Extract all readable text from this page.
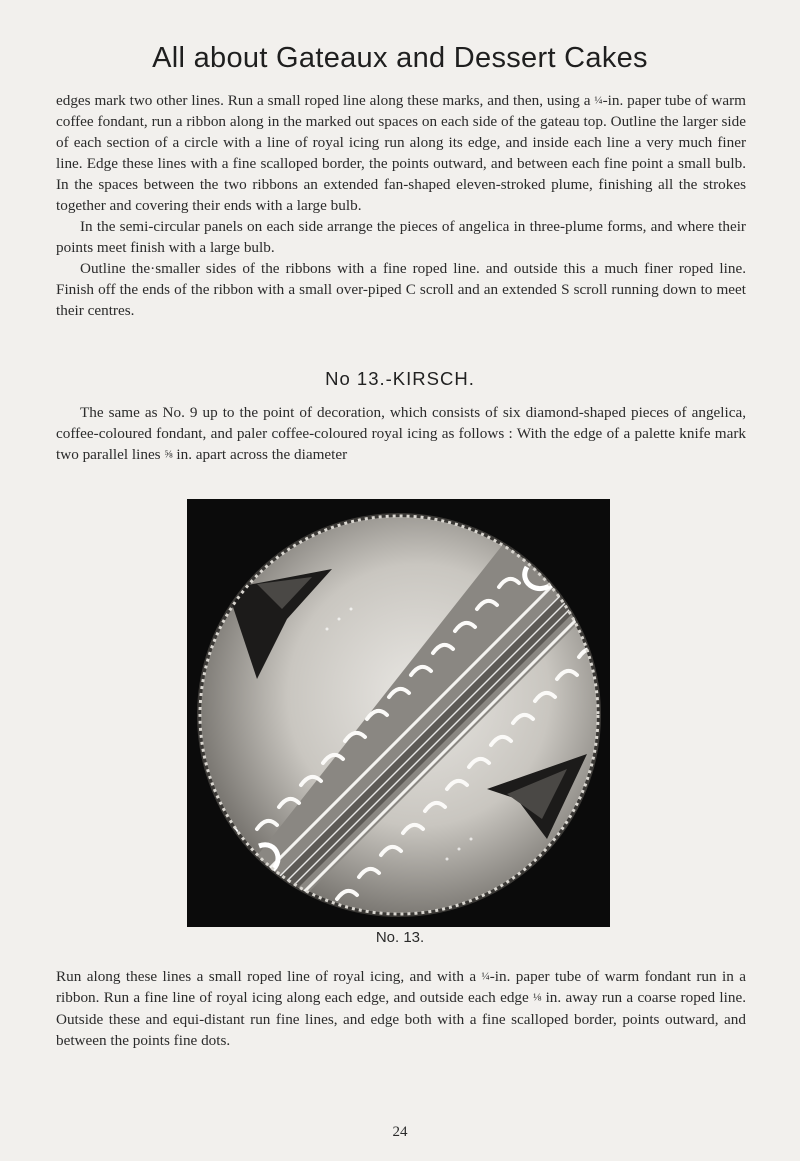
All about Gateaux and Dessert Cakes

edges mark two other lines. Run a small roped line along these marks, and then, using a ¼-in. paper tube of warm coffee fondant, run a ribbon along in the marked out spaces on each side of the gateau top. Outline the larger side of each section of a circle with a line of royal icing run along its edge, and inside each line a very much finer line. Edge these lines with a fine scalloped border, the points outward, and between each fine point a small bulb. In the spaces between the two ribbons an extended fan-shaped eleven-stroked plume, finishing all the strokes together and covering their ends with a large bulb.

In the semi-circular panels on each side arrange the pieces of angelica in three-plume forms, and where their points meet finish with a large bulb.

Outline the·smaller sides of the ribbons with a fine roped line. and outside this a much finer roped line. Finish off the ends of the ribbon with a small over-piped C scroll and an extended S scroll running down to meet their centres.

No 13.-KIRSCH.

The same as No. 9 up to the point of decoration, which consists of six diamond-shaped pieces of angelica, coffee-coloured fondant, and paler coffee-coloured royal icing as follows : With the edge of a palette knife mark two parallel lines ⅝ in. apart across the diameter

No. 13.

Run along these lines a small roped line of royal icing, and with a ¼-in. paper tube of warm fondant run in a ribbon. Run a fine line of royal icing along each edge, and outside each edge ⅛ in. away run a coarse roped line. Outside these and equi-distant run fine lines, and edge both with a fine scalloped border, points outward, and between the points fine dots.

24
